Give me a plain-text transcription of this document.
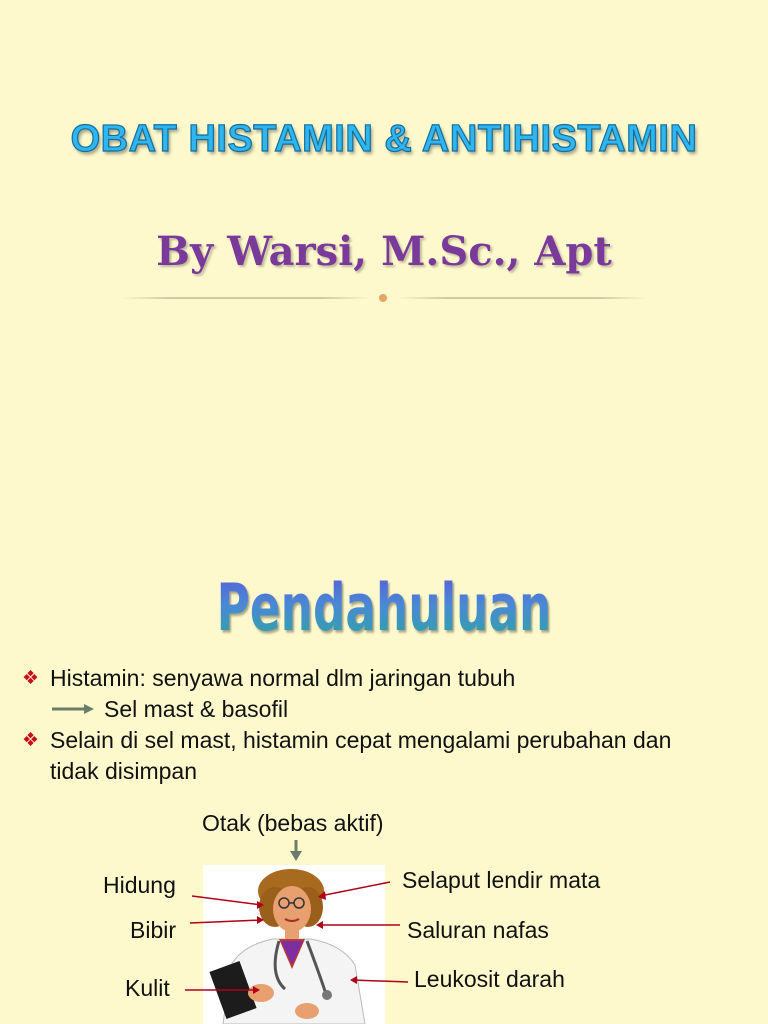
OBAT HISTAMIN & ANTIHISTAMIN
By Warsi, M.Sc., Apt
Pendahuluan
❖ Histamin: senyawa normal dlm jaringan tubuh
Sel mast & basofil
❖ Selain di sel mast, histamin cepat mengalami perubahan dan
tidak disimpan
Otak (bebas aktif)
Hidung
Bibir
Kulit
Selaput lendir mata
Saluran nafas
Leukosit darah
